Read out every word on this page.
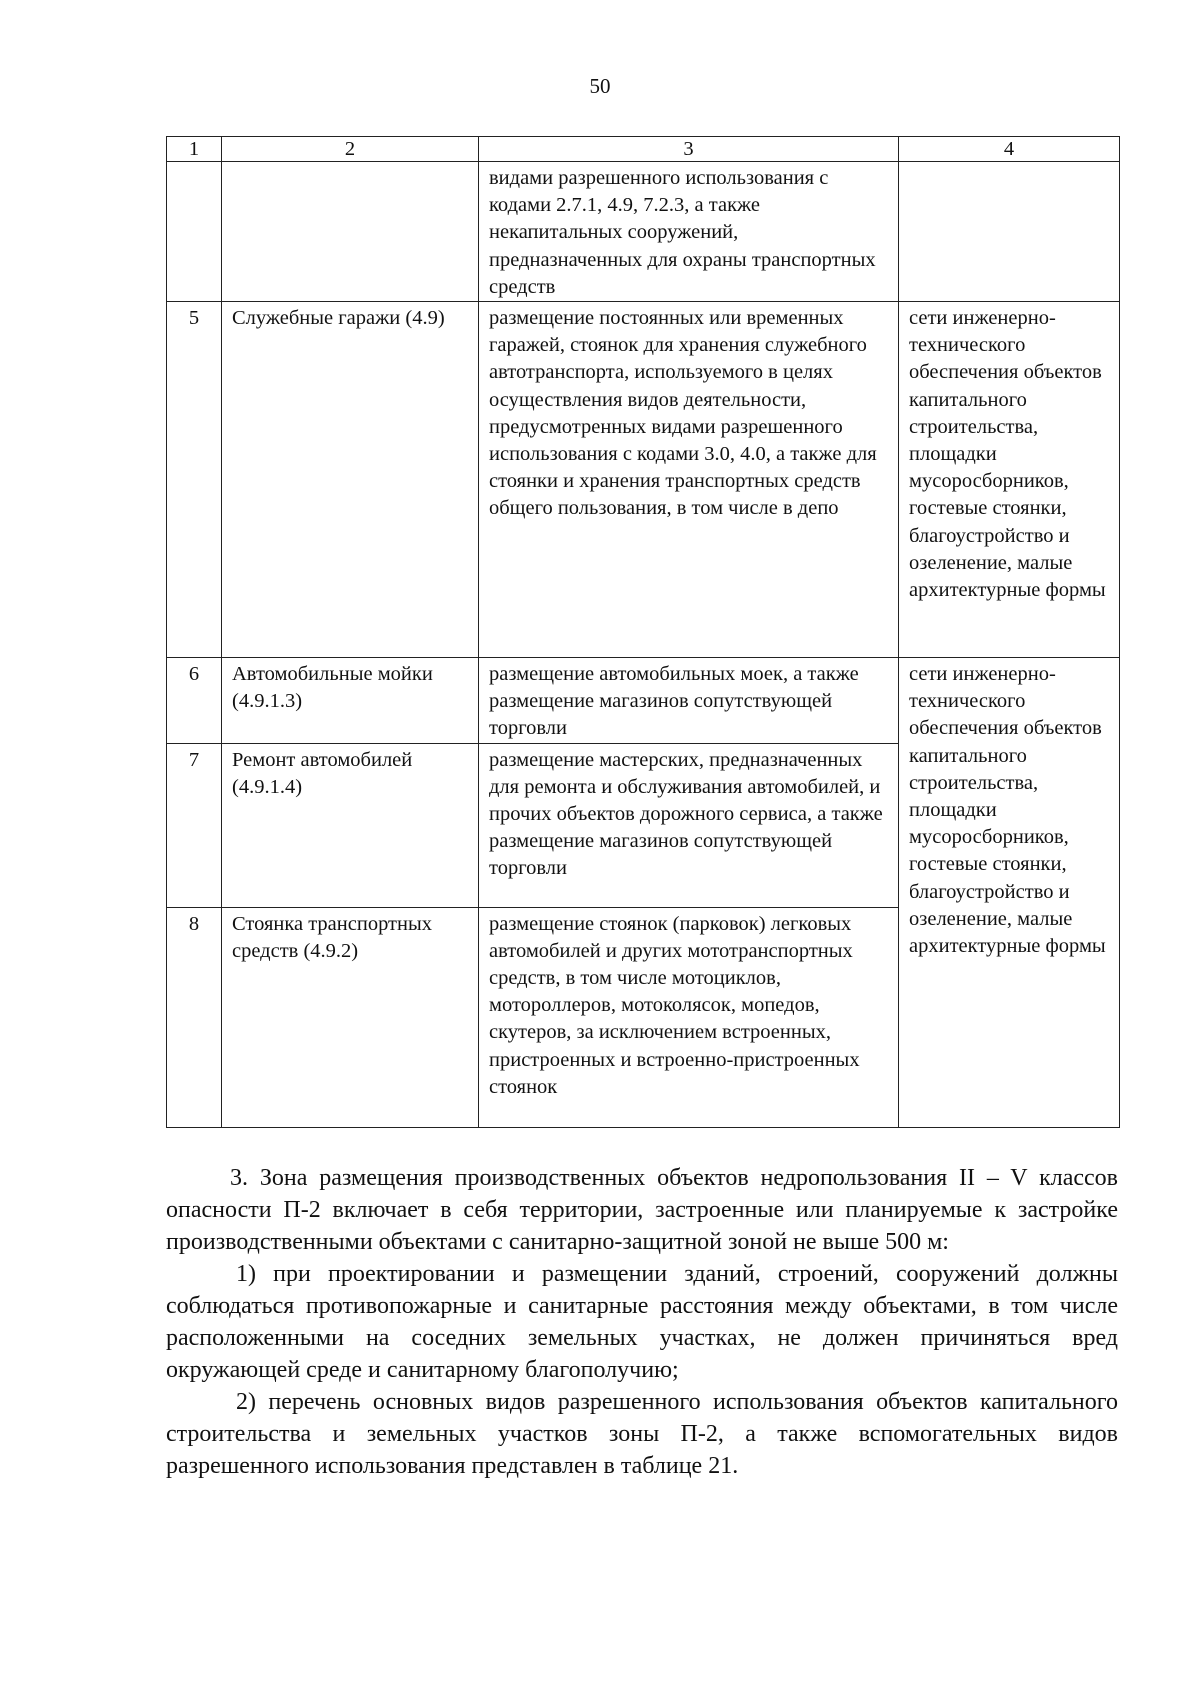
50
1	2	3	4
		видами разрешенного использования с кодами 2.7.1, 4.9, 7.2.3, а также некапитальных сооружений, предназначенных для охраны транспортных средств	
5	Служебные гаражи (4.9)	размещение постоянных или временных гаражей, стоянок для хранения служебного автотранспорта, используемого в целях осуществления видов деятельности, предусмотренных видами разрешенного использования с кодами 3.0, 4.0, а также для стоянки и хранения транспортных средств общего пользования, в том числе в депо	сети инженерно-технического обеспечения объектов капитального строительства, площадки мусоросборников, гостевые стоянки, благоустройство и озеленение, малые архитектурные формы
6	Автомобильные мойки (4.9.1.3)	размещение автомобильных моек, а также размещение магазинов сопутствующей торговли	сети инженерно-технического обеспечения объектов капитального строительства, площадки мусоросборников, гостевые стоянки, благоустройство и озеленение, малые архитектурные формы
7	Ремонт автомобилей (4.9.1.4)	размещение мастерских, предназначенных для ремонта и обслуживания автомобилей, и прочих объектов дорожного сервиса, а также размещение магазинов сопутствующей торговли	
8	Стоянка транспортных средств (4.9.2)	размещение стоянок (парковок) легковых автомобилей и других мототранспортных средств, в том числе мотоциклов, мотороллеров, мотоколясок, мопедов, скутеров, за исключением встроенных, пристроенных и встроенно-пристроенных стоянок	

3. Зона размещения производственных объектов недропользования II – V классов опасности П-2 включает в себя территории, застроенные или планируемые к застройке производственными объектами с санитарно-защитной зоной не выше 500 м:

1) при проектировании и размещении зданий, строений, сооружений должны соблюдаться противопожарные и санитарные расстояния между объектами, в том числе расположенными на соседних земельных участках, не должен причиняться вред окружающей среде и санитарному благополучию;

2) перечень основных видов разрешенного использования объектов капитального строительства и земельных участков зоны П-2, а также вспомогательных видов разрешенного использования представлен в таблице 21.
